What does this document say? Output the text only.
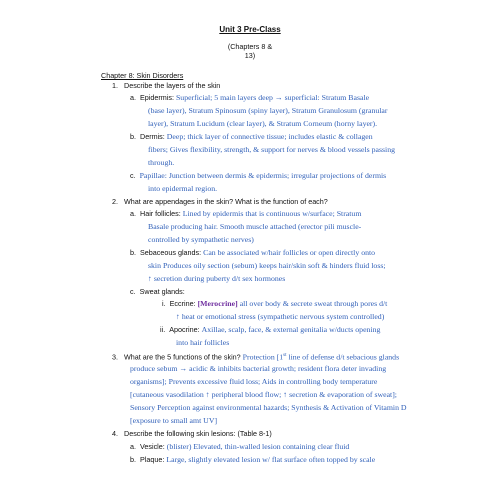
Unit 3 Pre-Class
(Chapters 8 &
13)
Chapter 8: Skin Disorders
1. Describe the layers of the skin
a. Epidermis: Superficial; 5 main layers deep → superficial: Stratum Basale
(base layer), Stratum Spinosum (spiny layer), Stratum Granulosum (granular
layer), Stratum Lucidum (clear layer), & Stratum Corneum (horny layer).
b. Dermis: Deep; thick layer of connective tissue; includes elastic & collagen
fibers; Gives flexibility, strength, & support for nerves & blood vessels passing
through.
c. Papillae: Junction between dermis & epidermis; irregular projections of dermis
into epidermal region.
2. What are appendages in the skin? What is the function of each?
a. Hair follicles: Lined by epidermis that is continuous w/surface; Stratum
Basale producing hair. Smooth muscle attached (erector pili muscle-
controlled by sympathetic nerves)
b. Sebaceous glands: Can be associated w/hair follicles or open directly onto
skin Produces oily section (sebum) keeps hair/skin soft & hinders fluid loss;
↑ secretion during puberty d/t sex hormones
c. Sweat glands:
i. Eccrine: [Merocrine] all over body & secrete sweat through pores d/t
↑ heat or emotional stress (sympathetic nervous system controlled)
ii. Apocrine: Axillae, scalp, face, & external genitalia w/ducts opening
into hair follicles
3. What are the 5 functions of the skin? Protection [1st line of defense d/t sebacious glands
produce sebum → acidic & inhibits bacterial growth; resident flora deter invading
organisms]; Prevents excessive fluid loss; Aids in controlling body temperature
[cutaneous vasodilation ↑ peripheral blood flow; ↑ secretion & evaporation of sweat];
Sensory Perception against environmental hazards; Synthesis & Activation of Vitamin D
[exposure to small amt UV]
4. Describe the following skin lesions: (Table 8-1)
a. Vesicle: (blister) Elevated, thin-walled lesion containing clear fluid
b. Plaque: Large, slightly elevated lesion w/ flat surface often topped by scale
